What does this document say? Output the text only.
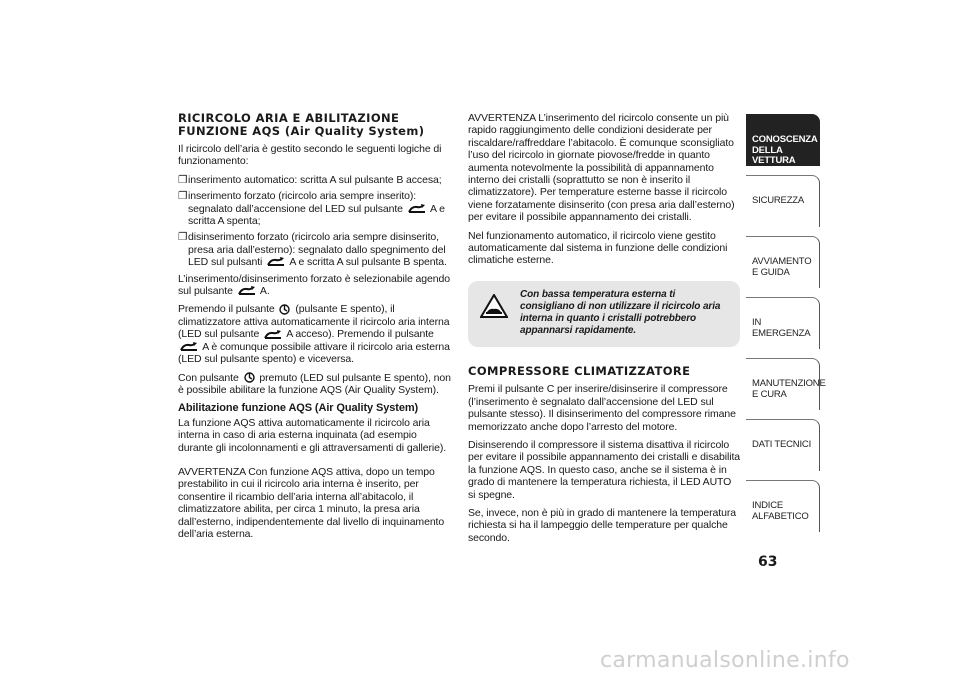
RICIRCOLO ARIA E ABILITAZIONE FUNZIONE AQS (Air Quality System)

Il ricircolo dell’aria è gestito secondo le seguenti logiche di funzionamento:

❐ inserimento automatico: scritta A sul pulsante B accesa;
❐ inserimento forzato (ricircolo aria sempre inserito): segnalato dall’accensione del LED sul pulsante	A e scritta A spenta;
❐ disinserimento forzato (ricircolo aria sempre disinserito, presa aria dall’esterno): segnalato dallo spegnimento del LED sul pulsanti	A e scritta A sul pulsante B spenta.

L’inserimento/disinserimento forzato è selezionabile agendo sul pulsante	A.

Premendo il pulsante (pulsante E spento), il climatizzatore attiva automaticamente il ricircolo aria interna (LED sul pulsante	A acceso). Premendo il pulsante  A è comunque possibile attivare il ricircolo aria esterna (LED sul pulsante spento) e viceversa.

Con pulsante premuto (LED sul pulsante E spento), non è possibile abilitare la funzione AQS (Air Quality System).

Abilitazione funzione AQS (Air Quality System)

La funzione AQS attiva automaticamente il ricircolo aria interna in caso di aria esterna inquinata (ad esempio durante gli incolonnamenti e gli attraversamenti di gallerie).

AVVERTENZA Con funzione AQS attiva, dopo un tempo prestabilito in cui il ricircolo aria interna è inserito, per consentire il ricambio dell’aria interna all’abitacolo, il climatizzatore abilita, per circa 1 minuto, la presa aria dall’esterno, indipendentemente dal livello di inquinamento dell’aria esterna.

AVVERTENZA L’inserimento del ricircolo consente un più rapido raggiungimento delle condizioni desiderate per riscaldare/raffreddare l’abitacolo. È comunque sconsigliato l’uso del ricircolo in giornate piovose/fredde in quanto aumenta notevolmente la possibilità di appannamento interno dei cristalli (soprattutto se non è inserito il climatizzatore). Per temperature esterne basse il ricircolo viene forzatamente disinserito (con presa aria dall’esterno) per evitare il possibile appannamento dei cristalli.

Nel funzionamento automatico, il ricircolo viene gestito automaticamente dal sistema in funzione delle condizioni climatiche esterne.

Con bassa temperatura esterna ti consigliano di non utilizzare il ricircolo aria interna in quanto i cristalli potrebbero appannarsi rapidamente.
COMPRESSORE CLIMATIZZATORE

Premi il pulsante C per inserire/disinserire il compressore (l’inserimento è segnalato dall’accensione del LED sul pulsante stesso). Il disinserimento del compressore rimane memorizzato anche dopo l’arresto del motore.

Disinserendo il compressore il sistema disattiva il ricircolo per evitare il possibile appannamento dei cristalli e disabilita la funzione AQS. In questo caso, anche se il sistema è in grado di mantenere la temperatura richiesta, il LED AUTO si spegne.

Se, invece, non è più in grado di mantenere la temperatura richiesta si ha il lampeggio delle temperature per qualche secondo.

CONOSCENZA DELLA VETTURA
SICUREZZA
AVVIAMENTO E GUIDA
IN EMERGENZA
MANUTENZIONE E CURA
DATI TECNICI
INDICE ALFABETICO
63
carmanualsonline.info
